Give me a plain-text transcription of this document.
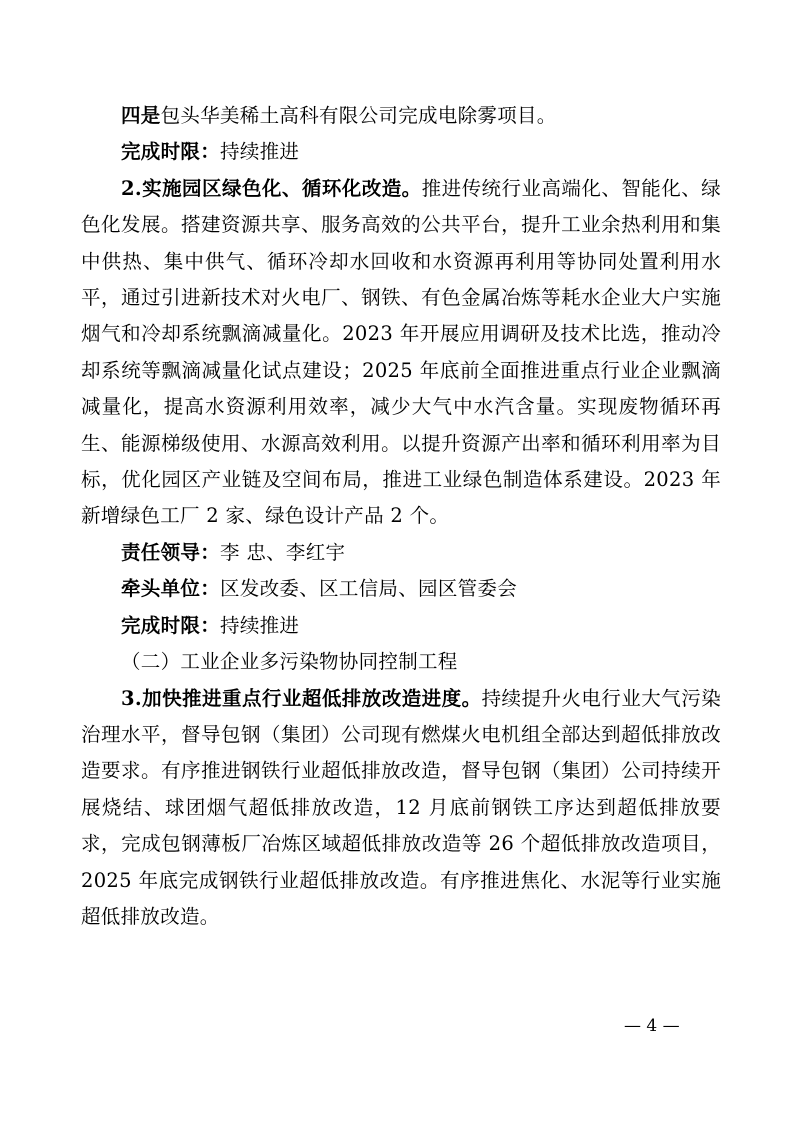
四是包头华美稀土高科有限公司完成电除雾项目。

完成时限：持续推进

2.实施园区绿色化、循环化改造。推进传统行业高端化、智能化、绿色化发展。搭建资源共享、服务高效的公共平台，提升工业余热利用和集中供热、集中供气、循环冷却水回收和水资源再利用等协同处置利用水平，通过引进新技术对火电厂、钢铁、有色金属冶炼等耗水企业大户实施烟气和冷却系统飘滴减量化。2023 年开展应用调研及技术比选，推动冷却系统等飘滴减量化试点建设；2025 年底前全面推进重点行业企业飘滴减量化，提高水资源利用效率，减少大气中水汽含量。实现废物循环再生、能源梯级使用、水源高效利用。以提升资源产出率和循环利用率为目标，优化园区产业链及空间布局，推进工业绿色制造体系建设。2023 年新增绿色工厂 2 家、绿色设计产品 2 个。

责任领导：李 忠、李红宇

牵头单位：区发改委、区工信局、园区管委会

完成时限：持续推进

（二）工业企业多污染物协同控制工程

3.加快推进重点行业超低排放改造进度。持续提升火电行业大气污染治理水平，督导包钢（集团）公司现有燃煤火电机组全部达到超低排放改造要求。有序推进钢铁行业超低排放改造，督导包钢（集团）公司持续开展烧结、球团烟气超低排放改造，12 月底前钢铁工序达到超低排放要求，完成包钢薄板厂冶炼区域超低排放改造等 26 个超低排放改造项目，2025 年底完成钢铁行业超低排放改造。有序推进焦化、水泥等行业实施超低排放改造。

— 4 —
